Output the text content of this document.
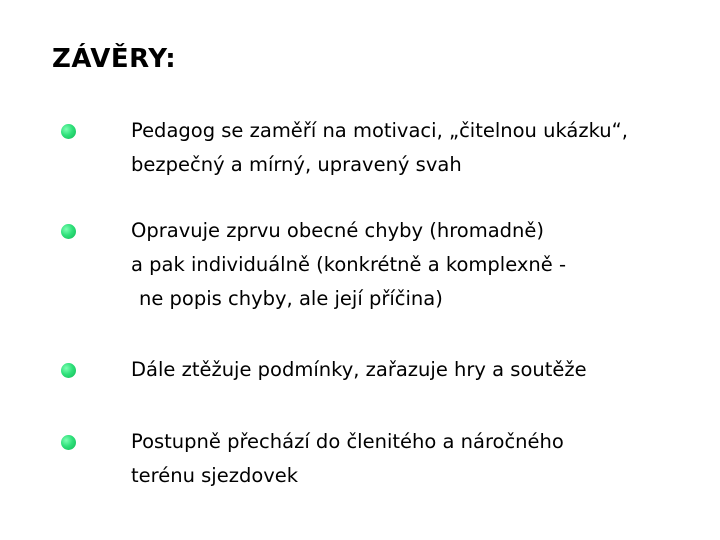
ZÁVĚRY:
Pedagog se zaměří na motivaci, „čitelnou ukázku“,
bezpečný a mírný, upravený svah
Opravuje zprvu obecné chyby (hromadně)
a pak individuálně (konkrétně a komplexně -
ne popis chyby, ale její příčina)
Dále ztěžuje podmínky, zařazuje hry a soutěže
Postupně přechází do členitého a náročného
terénu sjezdovek
